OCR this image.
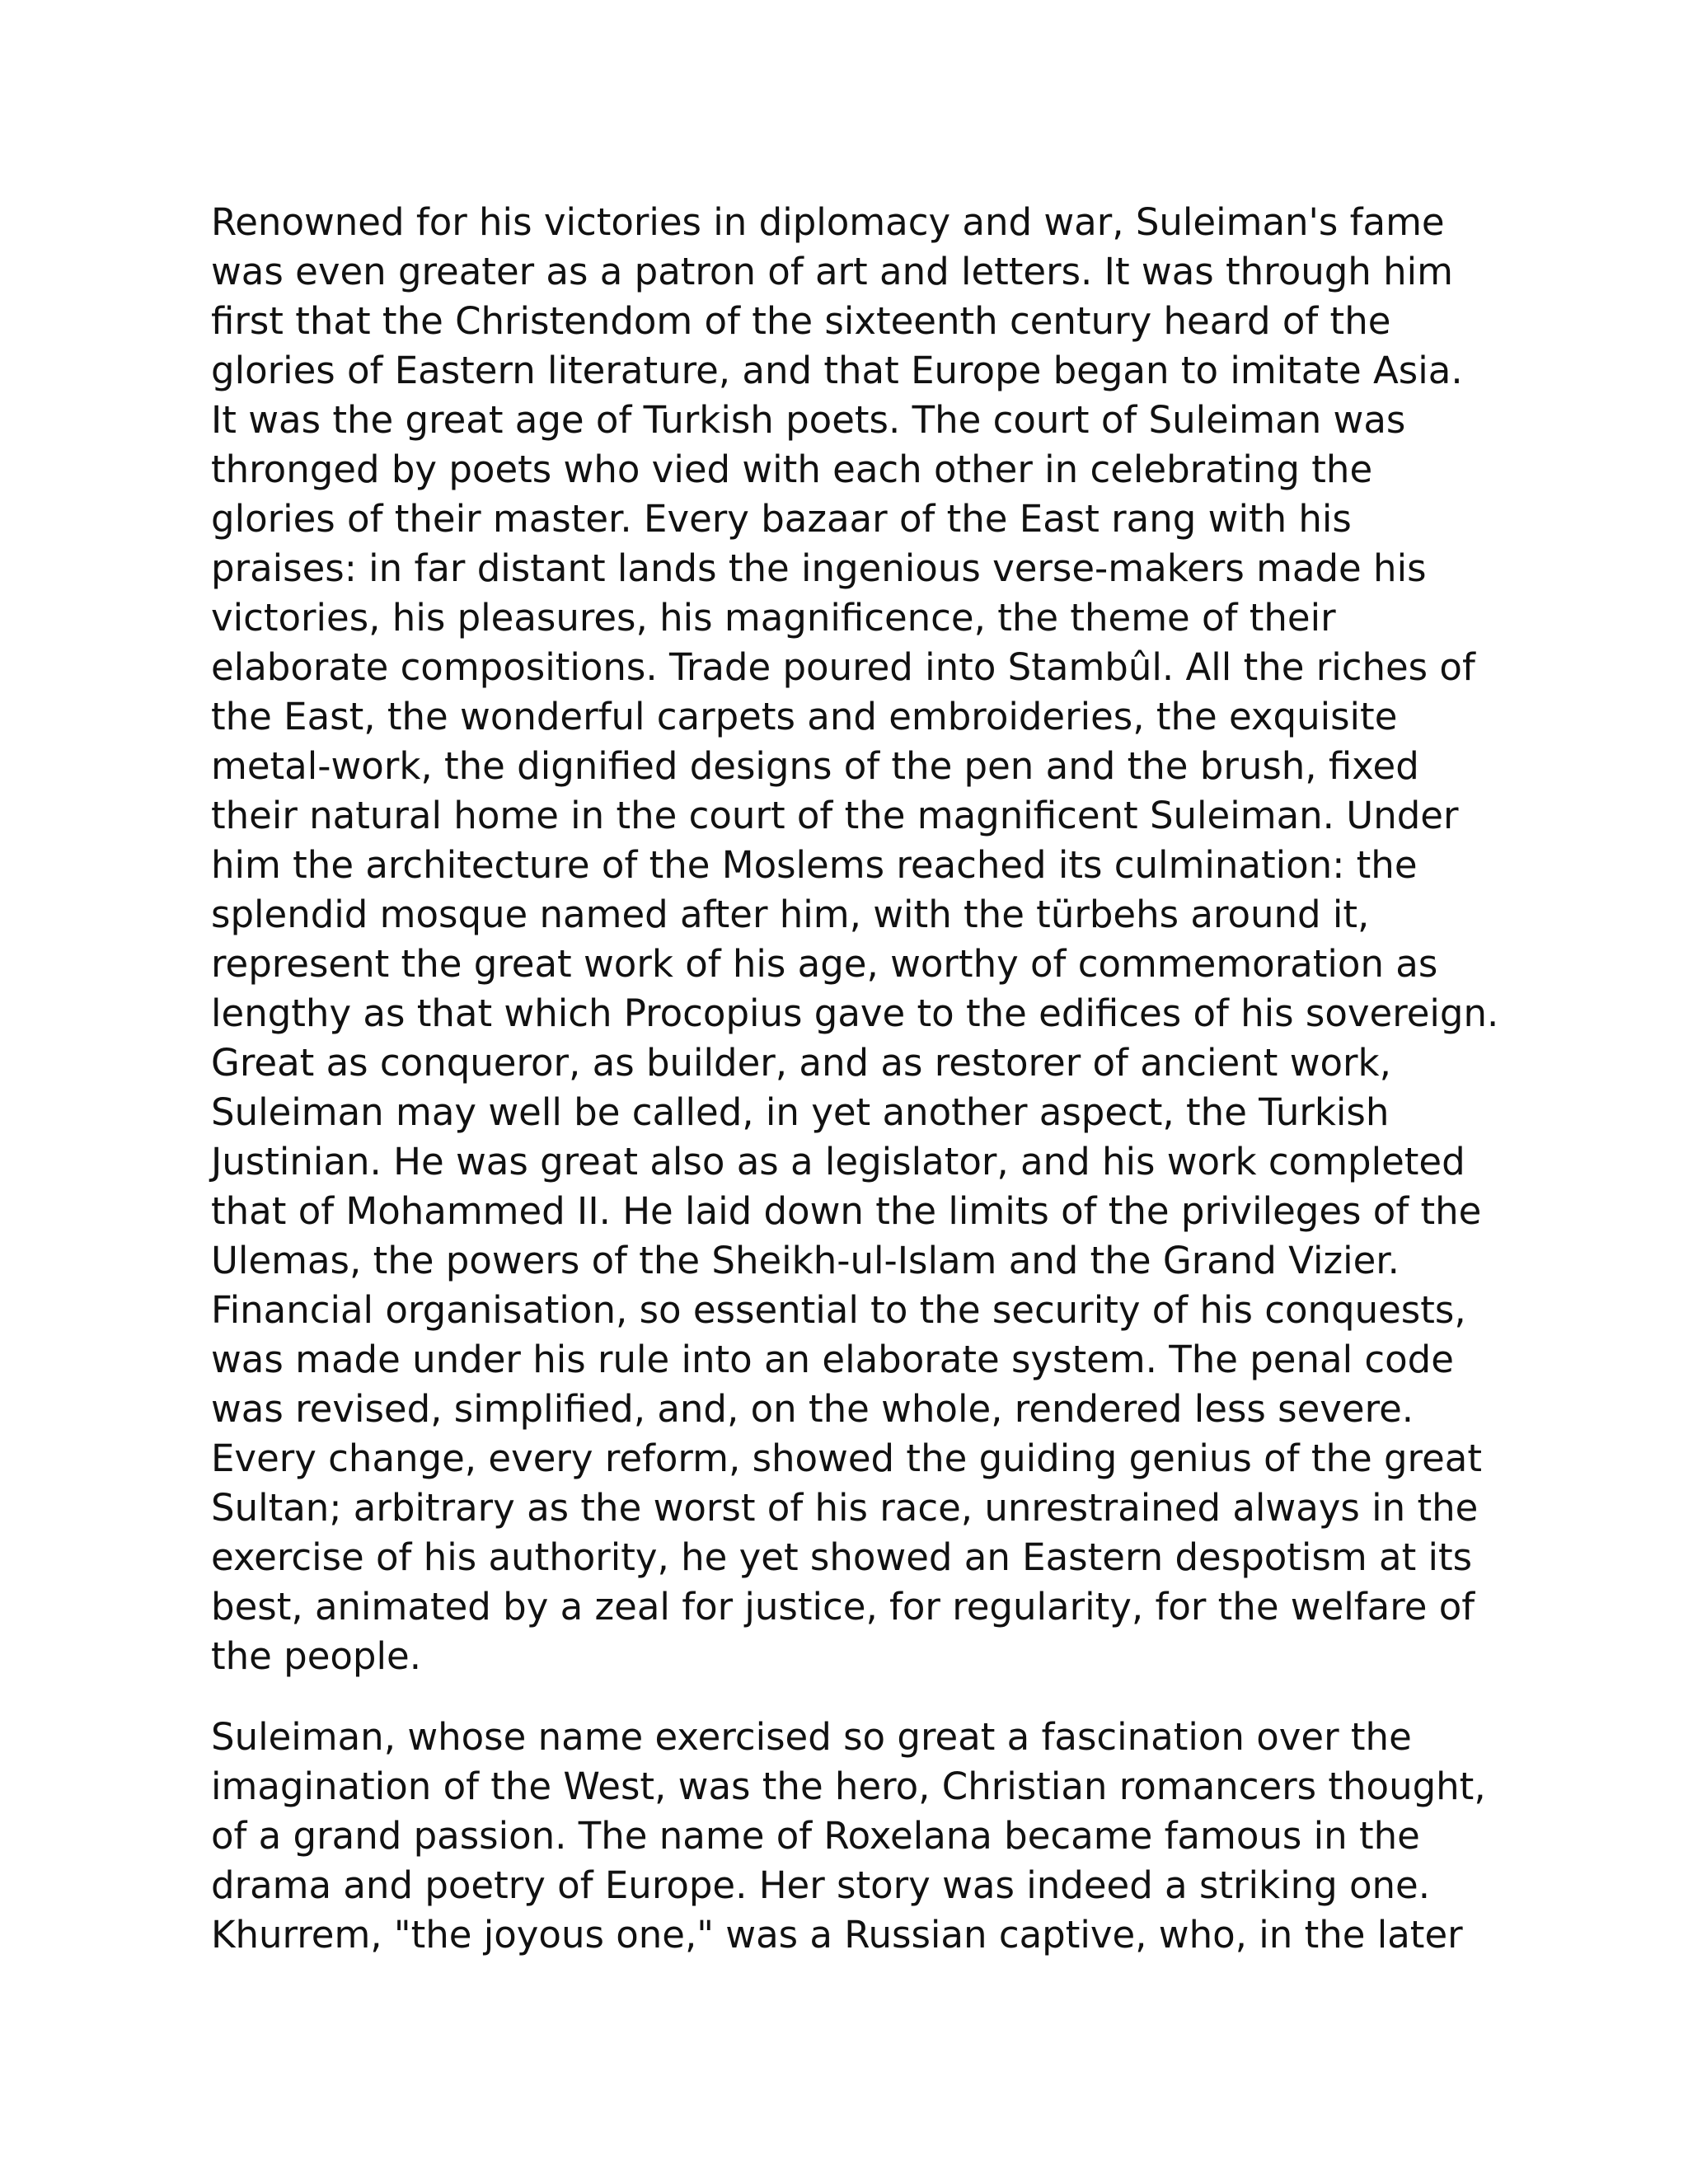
Renowned for his victories in diplomacy and war, Suleiman's fame
was even greater as a patron of art and letters. It was through him
first that the Christendom of the sixteenth century heard of the
glories of Eastern literature, and that Europe began to imitate Asia.
It was the great age of Turkish poets. The court of Suleiman was
thronged by poets who vied with each other in celebrating the
glories of their master. Every bazaar of the East rang with his
praises: in far distant lands the ingenious verse-makers made his
victories, his pleasures, his magnificence, the theme of their
elaborate compositions. Trade poured into Stambûl. All the riches of
the East, the wonderful carpets and embroideries, the exquisite
metal-work, the dignified designs of the pen and the brush, fixed
their natural home in the court of the magnificent Suleiman. Under
him the architecture of the Moslems reached its culmination: the
splendid mosque named after him, with the türbehs around it,
represent the great work of his age, worthy of commemoration as
lengthy as that which Procopius gave to the edifices of his sovereign.
Great as conqueror, as builder, and as restorer of ancient work,
Suleiman may well be called, in yet another aspect, the Turkish
Justinian. He was great also as a legislator, and his work completed
that of Mohammed II. He laid down the limits of the privileges of the
Ulemas, the powers of the Sheikh-ul-Islam and the Grand Vizier.
Financial organisation, so essential to the security of his conquests,
was made under his rule into an elaborate system. The penal code
was revised, simplified, and, on the whole, rendered less severe.
Every change, every reform, showed the guiding genius of the great
Sultan; arbitrary as the worst of his race, unrestrained always in the
exercise of his authority, he yet showed an Eastern despotism at its
best, animated by a zeal for justice, for regularity, for the welfare of
the people.
Suleiman, whose name exercised so great a fascination over the
imagination of the West, was the hero, Christian romancers thought,
of a grand passion. The name of Roxelana became famous in the
drama and poetry of Europe. Her story was indeed a striking one.
Khurrem, "the joyous one," was a Russian captive, who, in the later
